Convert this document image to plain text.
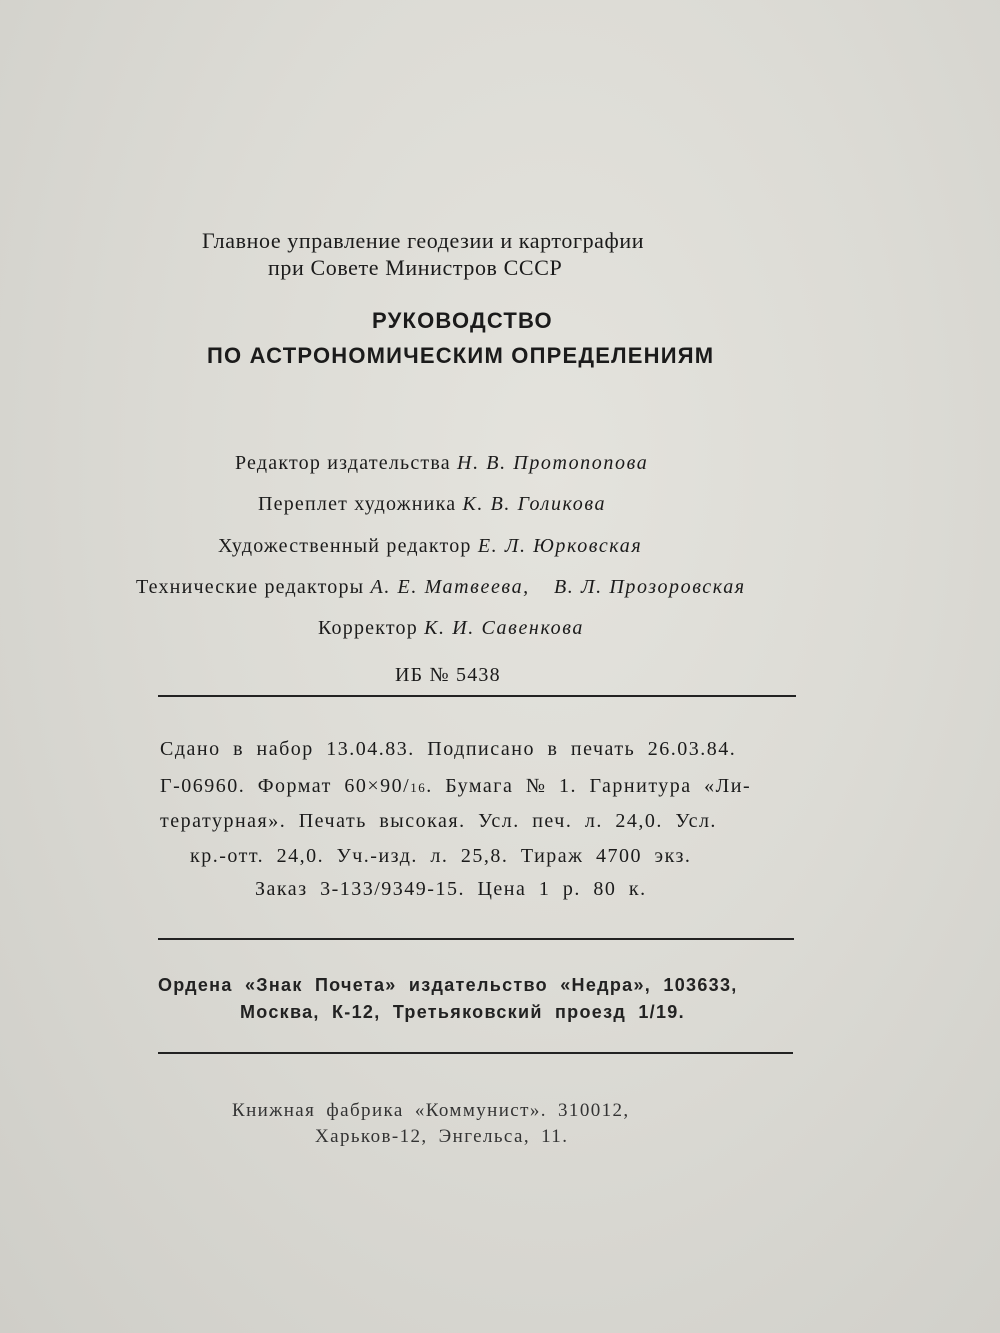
Главное управление геодезии и картографии
при Совете Министров СССР
РУКОВОДСТВО
ПО АСТРОНОМИЧЕСКИМ ОПРЕДЕЛЕНИЯМ
Редактор издательства Н. В. Протопопова
Переплет художника К. В. Голикова
Художественный редактор Е. Л. Юрковская
Технические редакторы А. Е. Матвеева, В. Л. Прозоровская
Корректор К. И. Савенкова
ИБ № 5438
Сдано в набор 13.04.83. Подписано в печать 26.03.84.
Г-06960. Формат 60×90/16. Бумага № 1. Гарнитура «Ли-
тературная». Печать высокая. Усл. печ. л. 24,0. Усл.
кр.-отт. 24,0. Уч.-изд. л. 25,8. Тираж 4700 экз.
Заказ 3-133/9349-15. Цена 1 р. 80 к.
Ордена «Знак Почета» издательство «Недра», 103633,
Москва, К-12, Третьяковский проезд 1/19.
Книжная фабрика «Коммунист». 310012,
Харьков-12, Энгельса, 11.
